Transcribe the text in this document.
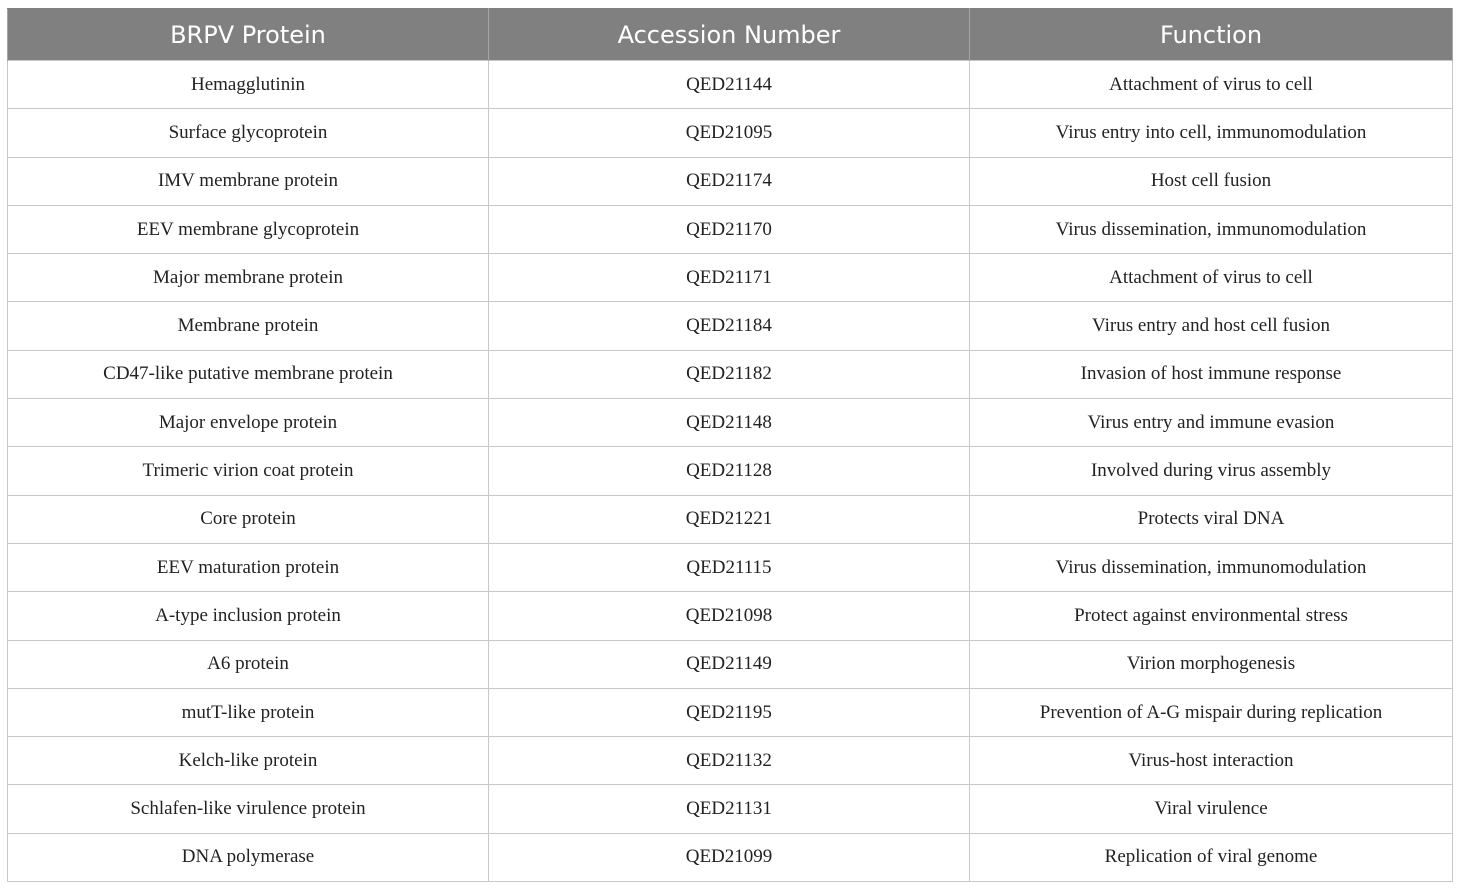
BRPV Protein	Accession Number	Function
Hemagglutinin	QED21144	Attachment of virus to cell
Surface glycoprotein	QED21095	Virus entry into cell, immunomodulation
IMV membrane protein	QED21174	Host cell fusion
EEV membrane glycoprotein	QED21170	Virus dissemination, immunomodulation
Major membrane protein	QED21171	Attachment of virus to cell
Membrane protein	QED21184	Virus entry and host cell fusion
CD47-like putative membrane protein	QED21182	Invasion of host immune response
Major envelope protein	QED21148	Virus entry and immune evasion
Trimeric virion coat protein	QED21128	Involved during virus assembly
Core protein	QED21221	Protects viral DNA
EEV maturation protein	QED21115	Virus dissemination, immunomodulation
A-type inclusion protein	QED21098	Protect against environmental stress
A6 protein	QED21149	Virion morphogenesis
mutT-like protein	QED21195	Prevention of A-G mispair during replication
Kelch-like protein	QED21132	Virus-host interaction
Schlafen-like virulence protein	QED21131	Viral virulence
DNA polymerase	QED21099	Replication of viral genome
